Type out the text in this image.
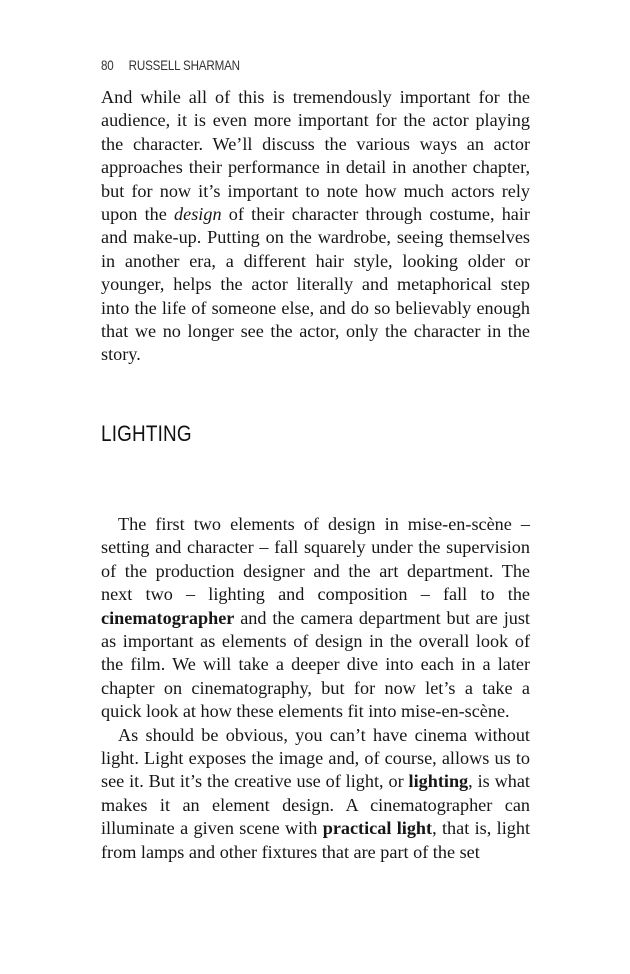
80 RUSSELL SHARMAN

And while all of this is tremendously important for the audience, it is even more important for the actor playing the character. We’ll discuss the various ways an actor approaches their performance in detail in another chapter, but for now it’s important to note how much actors rely upon the design of their character through costume, hair and make-up. Putting on the wardrobe, seeing themselves in another era, a different hair style, looking older or younger, helps the actor literally and metaphorical step into the life of someone else, and do so believably enough that we no longer see the actor, only the character in the story.

LIGHTING

The first two elements of design in mise-en-scène – setting and character – fall squarely under the supervision of the production designer and the art department. The next two – lighting and composition – fall to the cinematographer and the camera department but are just as important as elements of design in the overall look of the film. We will take a deeper dive into each in a later chapter on cinematography, but for now let’s a take a quick look at how these elements fit into mise-en-scène.

As should be obvious, you can’t have cinema without light. Light exposes the image and, of course, allows us to see it. But it’s the creative use of light, or lighting, is what makes it an element design. A cinematographer can illuminate a given scene with practical light, that is, light from lamps and other fixtures that are part of the set
